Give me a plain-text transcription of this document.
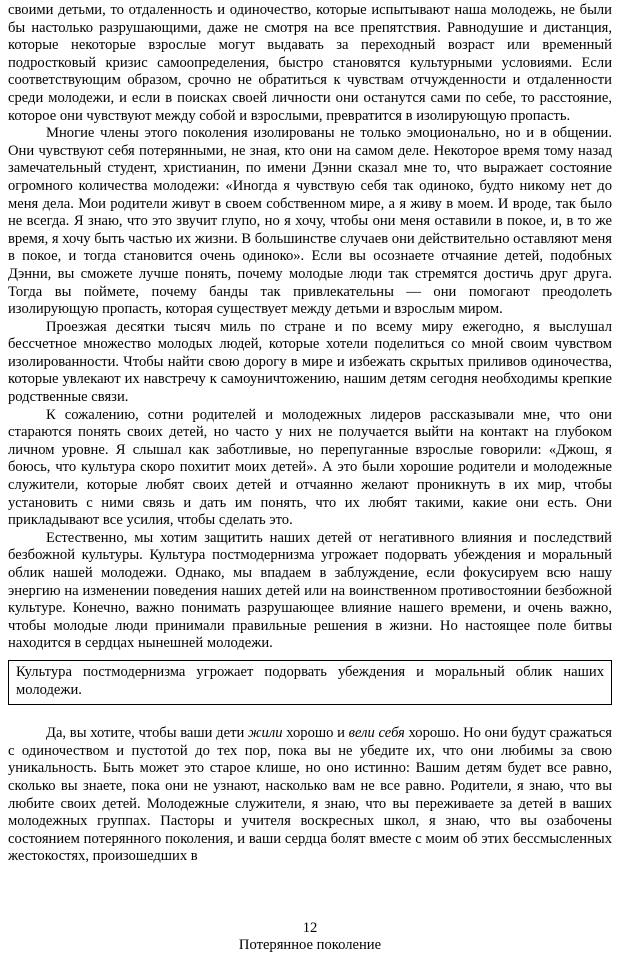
своими детьми, то отдаленность и одиночество, которые испытывают наша молодежь, не были бы настолько разрушающими, даже не смотря на все препятствия. Равнодушие и дистанция, которые некоторые взрослые могут выдавать за переходный возраст или временный подростковый кризис самоопределения, быстро становятся культурными условиями. Если соответствующим образом, срочно не обратиться к чувствам отчужденности и отдаленности среди молодежи, и если в поисках своей личности они останутся сами по себе, то расстояние, которое они чувствуют между собой и взрослыми, превратится в изолирующую пропасть.

Многие члены этого поколения изолированы не только эмоционально, но и в общении. Они чувствуют себя потерянными, не зная, кто они на самом деле. Некоторое время тому назад замечательный студент, христианин, по имени Дэнни сказал мне то, что выражает состояние огромного количества молодежи: «Иногда я чувствую себя так одиноко, будто никому нет до меня дела. Мои родители живут в своем собственном мире, а я живу в моем. И вроде, так было не всегда. Я знаю, что это звучит глупо, но я хочу, чтобы они меня оставили в покое, и, в то же время, я хочу быть частью их жизни. В большинстве случаев они действительно оставляют меня в покое, и тогда становится очень одиноко». Если вы осознаете отчаяние детей, подобных Дэнни, вы сможете лучше понять, почему молодые люди так стремятся достичь друг друга. Тогда вы поймете, почему банды так привлекательны — они помогают преодолеть изолирующую пропасть, которая существует между детьми и взрослым миром.

Проезжая десятки тысяч миль по стране и по всему миру ежегодно, я выслушал бессчетное множество молодых людей, которые хотели поделиться со мной своим чувством изолированности. Чтобы найти свою дорогу в мире и избежать скрытых приливов одиночества, которые увлекают их навстречу к самоуничтожению, нашим детям сегодня необходимы крепкие родственные связи.

К сожалению, сотни родителей и молодежных лидеров рассказывали мне, что они стараются понять своих детей, но часто у них не получается выйти на контакт на глубоком личном уровне. Я слышал как заботливые, но перепуганные взрослые говорили: «Джош, я боюсь, что культура скоро похитит моих детей». А это были хорошие родители и молодежные служители, которые любят своих детей и отчаянно желают проникнуть в их мир, чтобы установить с ними связь и дать им понять, что их любят такими, какие они есть. Они прикладывают все усилия, чтобы сделать это.

Естественно, мы хотим защитить наших детей от негативного влияния и последствий безбожной культуры. Культура постмодернизма угрожает подорвать убеждения и моральный облик нашей молодежи. Однако, мы впадаем в заблуждение, если фокусируем всю нашу энергию на изменении поведения наших детей или на воинственном противостоянии безбожной культуре. Конечно, важно понимать разрушающее влияние нашего времени, и очень важно, чтобы молодые люди принимали правильные решения в жизни. Но настоящее поле битвы находится в сердцах нынешней молодежи.

Культура постмодернизма угрожает подорвать убеждения и моральный облик наших молодежи.

Да, вы хотите, чтобы ваши дети жили хорошо и вели себя хорошо. Но они будут сражаться с одиночеством и пустотой до тех пор, пока вы не убедите их, что они любимы за свою уникальность. Быть может это старое клише, но оно истинно: Вашим детям будет все равно, сколько вы знаете, пока они не узнают, насколько вам не все равно. Родители, я знаю, что вы любите своих детей. Молодежные служители, я знаю, что вы переживаете за детей в ваших молодежных группах. Пасторы и учителя воскресных школ, я знаю, что вы озабочены состоянием потерянного поколения, и ваши сердца болят вместе с моим об этих бессмысленных жестокостях, произошедших в

12
Потерянное поколение
